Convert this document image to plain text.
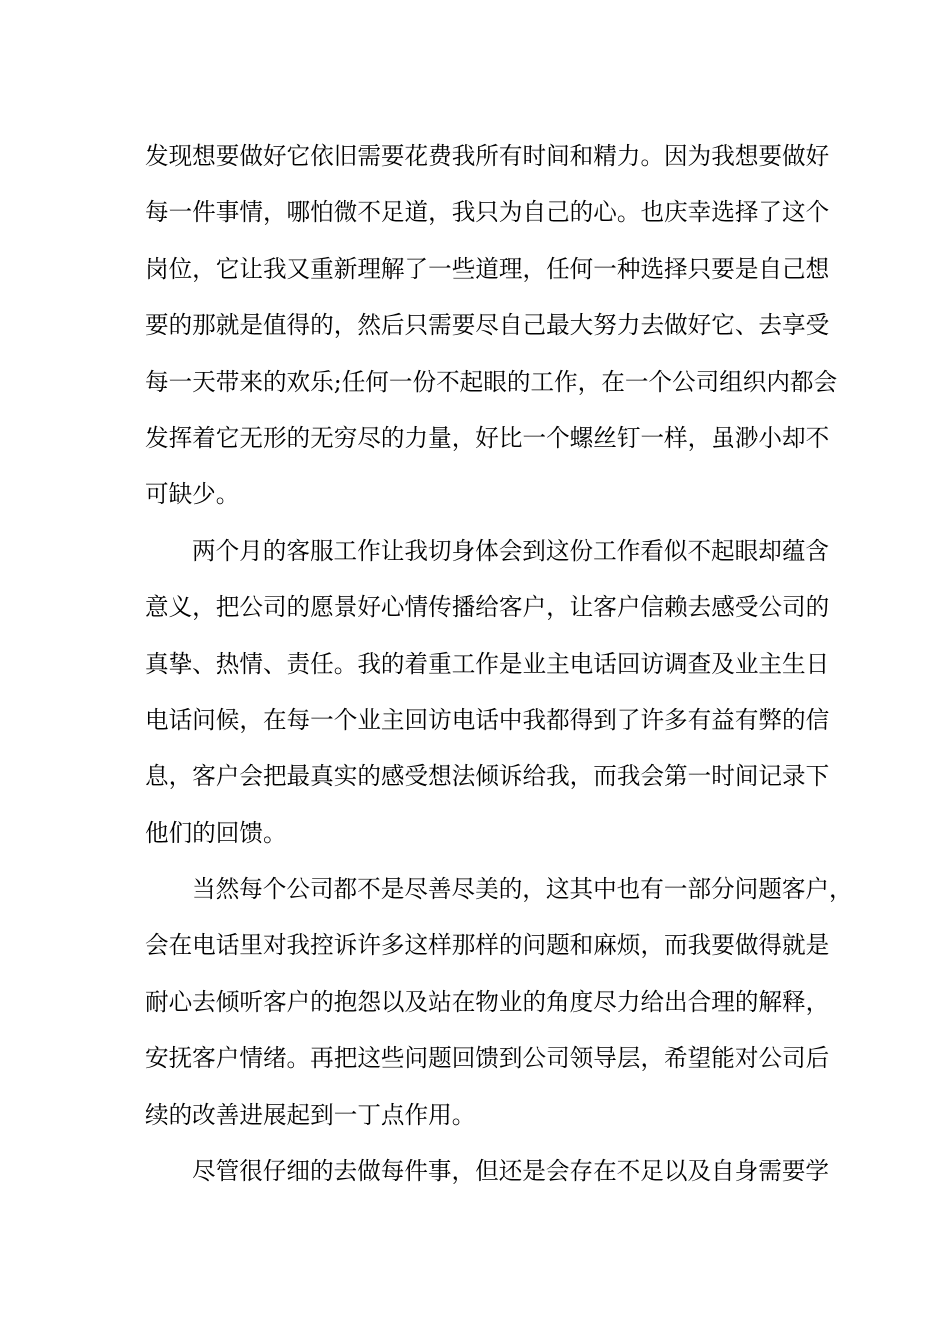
发现想要做好它依旧需要花费我所有时间和精力。因为我想要做好
每一件事情，哪怕微不足道，我只为自己的心。也庆幸选择了这个
岗位，它让我又重新理解了一些道理，任何一种选择只要是自己想
要的那就是值得的，然后只需要尽自己最大努力去做好它、去享受
每一天带来的欢乐;任何一份不起眼的工作，在一个公司组织内都会
发挥着它无形的无穷尽的力量，好比一个螺丝钉一样，虽渺小却不
可缺少。
两个月的客服工作让我切身体会到这份工作看似不起眼却蕴含
意义，把公司的愿景好心情传播给客户，让客户信赖去感受公司的
真挚、热情、责任。我的着重工作是业主电话回访调查及业主生日
电话问候，在每一个业主回访电话中我都得到了许多有益有弊的信
息，客户会把最真实的感受想法倾诉给我，而我会第一时间记录下
他们的回馈。
当然每个公司都不是尽善尽美的，这其中也有一部分问题客户，
会在电话里对我控诉许多这样那样的问题和麻烦，而我要做得就是
耐心去倾听客户的抱怨以及站在物业的角度尽力给出合理的解释，
安抚客户情绪。再把这些问题回馈到公司领导层，希望能对公司后
续的改善进展起到一丁点作用。
尽管很仔细的去做每件事，但还是会存在不足以及自身需要学
